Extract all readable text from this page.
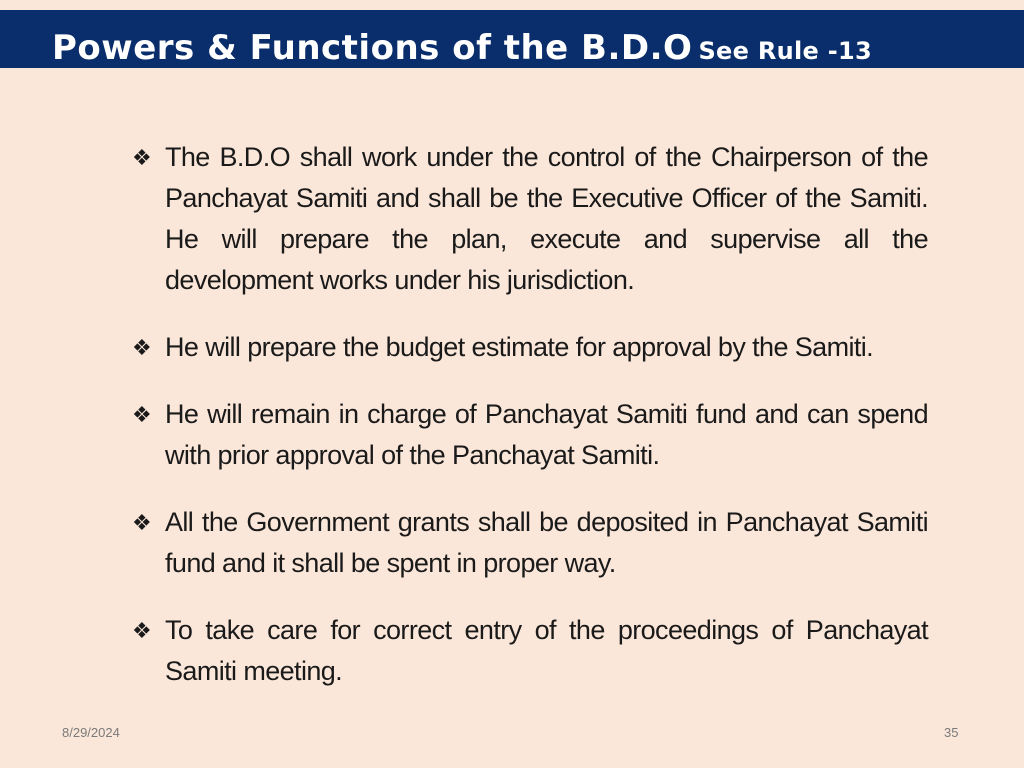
Powers & Functions of the B.D.O See Rule -13
❖ The B.D.O shall work under the control of the Chairperson of the Panchayat Samiti and shall be the Executive Officer of the Samiti. He will prepare the plan, execute and supervise all the development works under his jurisdiction.
❖ He will prepare the budget estimate for approval by the Samiti.
❖ He will remain in charge of Panchayat Samiti fund and can spend with prior approval of the Panchayat Samiti.
❖ All the Government grants shall be deposited in Panchayat Samiti fund and it shall be spent in proper way.
❖ To take care for correct entry of the proceedings of Panchayat Samiti meeting.
8/29/2024	35
